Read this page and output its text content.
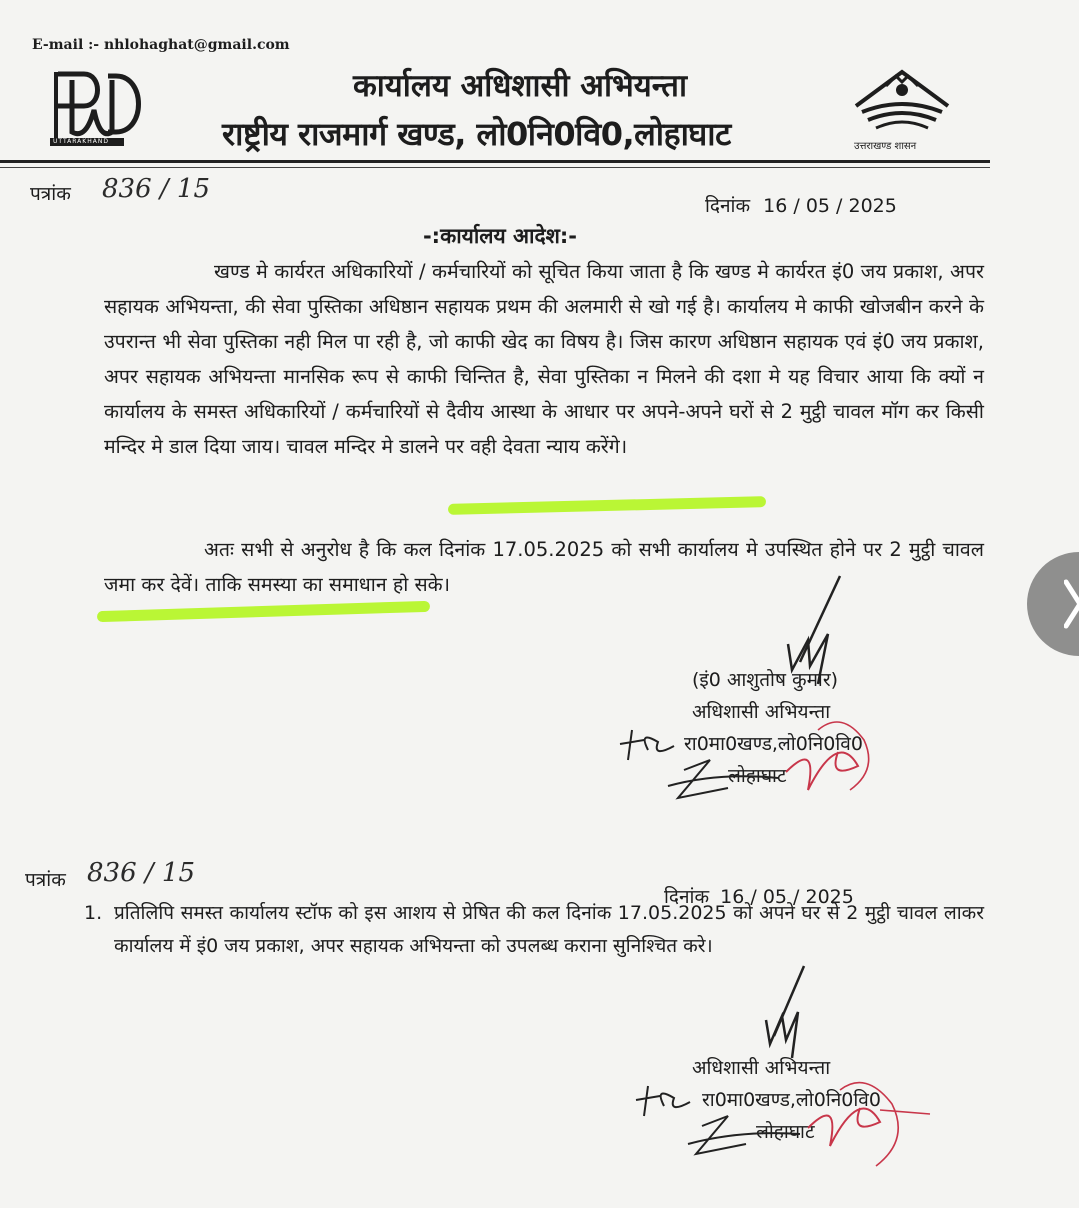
E-mail :- nhlohaghat@gmail.com
UTTARAKHAND
कार्यालय अधिशासी अभियन्ता
राष्ट्रीय राजमार्ग खण्ड, लो0नि0वि0,लोहाघाट	उत्तराखण्ड शासन
पत्रांक 836 / 15
दिनांक 16 / 05 / 2025
-:कार्यालय आदेश:-
खण्ड मे कार्यरत अधिकारियों / कर्मचारियों को सूचित किया जाता है कि खण्ड मे कार्यरत इं0 जय प्रकाश, अपर सहायक अभियन्ता, की सेवा पुस्तिका अधिष्ठान सहायक प्रथम की अलमारी से खो गई है। कार्यालय मे काफी खोजबीन करने के उपरान्त भी सेवा पुस्तिका नही मिल पा रही है, जो काफी खेद का विषय है। जिस कारण अधिष्ठान सहायक एवं इं0 जय प्रकाश, अपर सहायक अभियन्ता मानसिक रूप से काफी चिन्तित है, सेवा पुस्तिका न मिलने की दशा मे यह विचार आया कि क्यों न कार्यालय के समस्त अधिकारियों / कर्मचारियों से दैवीय आस्था के आधार पर अपने-अपने घरों से 2 मुट्ठी चावल मॉग कर किसी मन्दिर मे डाल दिया जाय। चावल मन्दिर मे डालने पर वही देवता न्याय करेंगे।
अतः सभी से अनुरोध है कि कल दिनांक 17.05.2025 को सभी कार्यालय मे उपस्थित होने पर 2 मुट्ठी चावल जमा कर देवें। ताकि समस्या का समाधान हो सके।
(इं0 आशुतोष कुमार)
अधिशासी अभियन्ता
रा0मा0खण्ड,लो0नि0वि0
लोहाघाट
पत्रांक 836 / 15
दिनांक 16 / 05 / 2025
1. प्रतिलिपि समस्त कार्यालय स्टॉफ को इस आशय से प्रेषित की कल दिनांक 17.05.2025 को अपने घर से 2 मुट्ठी चावल लाकर कार्यालय में इं0 जय प्रकाश, अपर सहायक अभियन्ता को उपलब्ध कराना सुनिश्चित करे।
अधिशासी अभियन्ता
रा0मा0खण्ड,लो0नि0वि0
लोहाघाट
